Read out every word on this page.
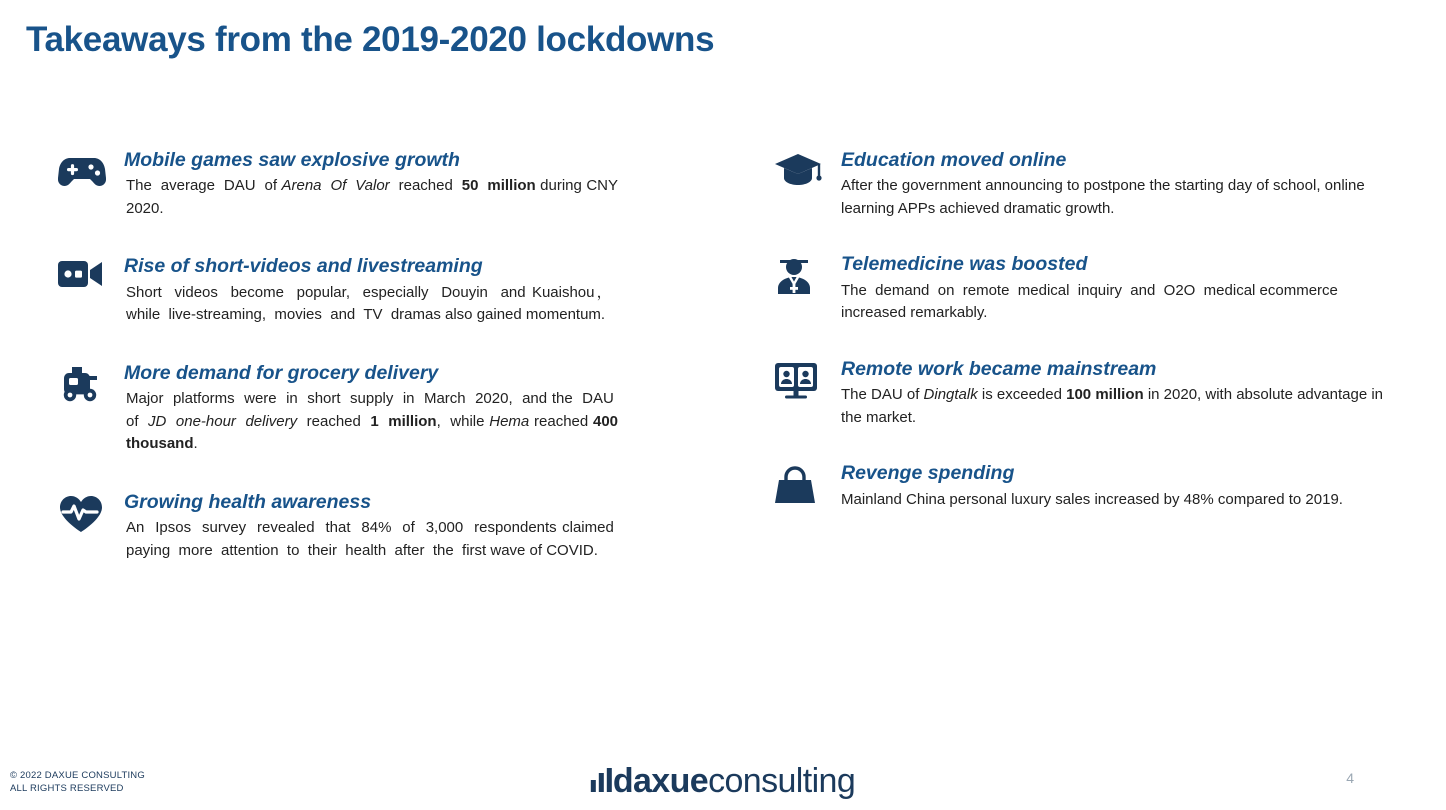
Takeaways from the 2019-2020 lockdowns
Mobile games saw explosive growth
The  average  DAU  of Arena  Of  Valor  reached  50  million during CNY 2020.
Rise of short-videos and livestreaming
Short  videos  become  popular,  especially  Douyin  and Kuaishou，  while  live-streaming,  movies  and  TV  dramas also gained momentum.
More demand for grocery delivery
Major  platforms  were  in  short  supply  in  March  2020,  and the  DAU  of  JD  one-hour  delivery  reached  1  million,  while Hema reached 400 thousand.
Growing health awareness
An  Ipsos  survey  revealed  that  84%  of  3,000  respondents claimed  paying  more  attention  to  their  health  after  the  first wave of COVID.
Education moved online
After the government announcing to postpone the starting day of school, online learning APPs achieved dramatic growth.
Telemedicine was boosted
The  demand  on  remote  medical  inquiry  and  O2O  medical ecommerce increased remarkably.
Remote work became mainstream
The DAU of Dingtalk is exceeded 100 million in 2020, with absolute advantage in the market.
Revenge spending
Mainland China personal luxury sales increased by 48% compared to 2019.
© 2022 DAXUE CONSULTING
ALL RIGHTS RESERVED	daxueconsulting	4
